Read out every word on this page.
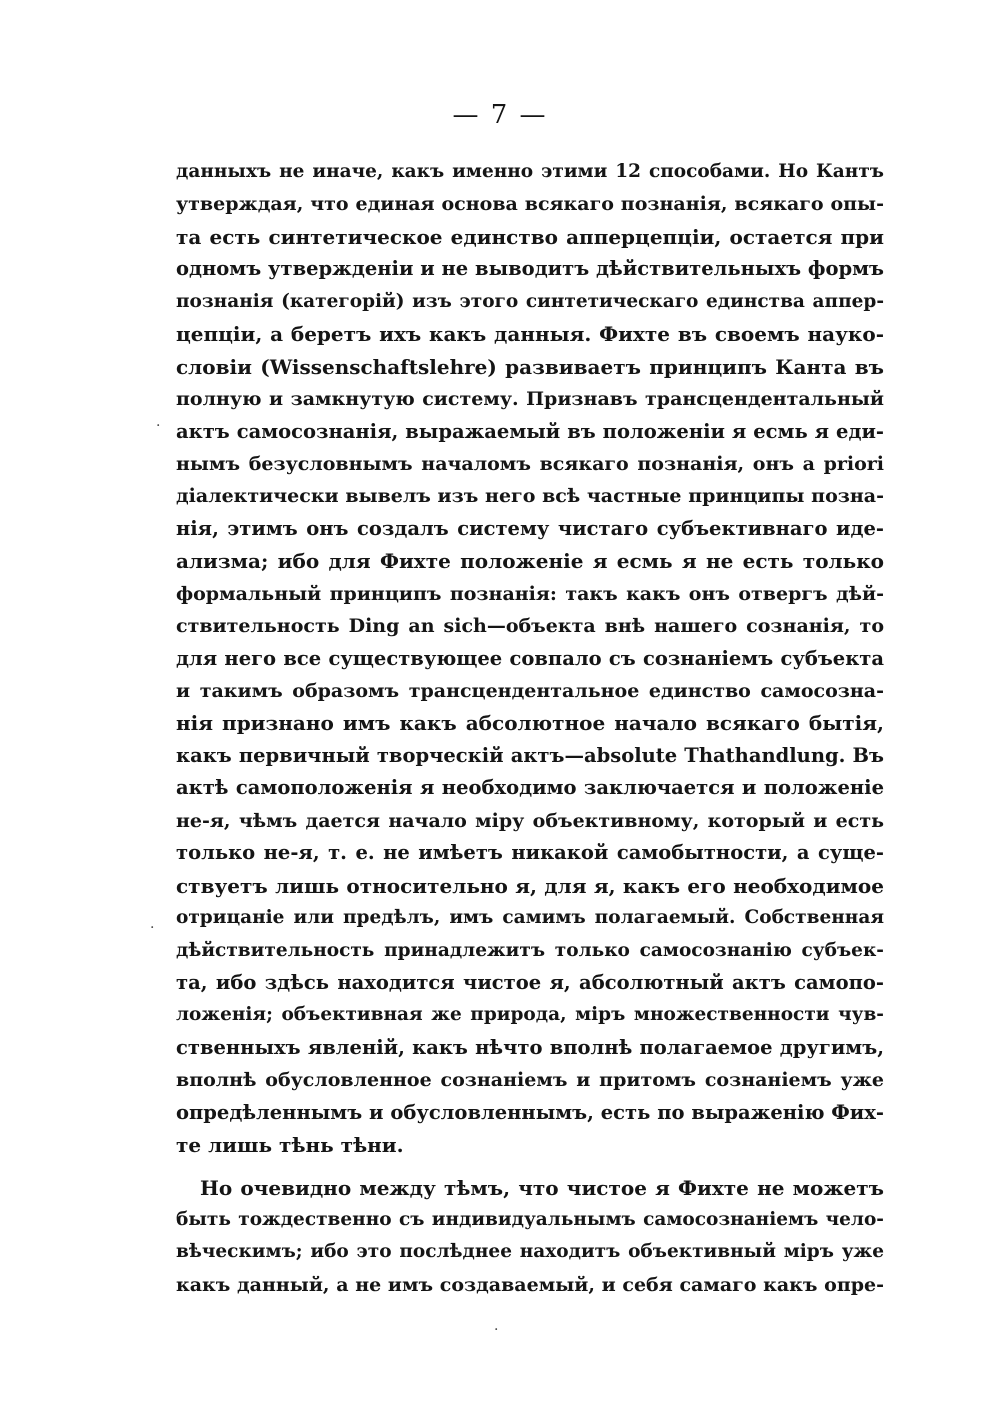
— 7 —
данныхъ не иначе, какъ именно этими 12 способами. Но Кантъ
утверждая, что единая основа всякаго познанія, всякаго опы-
та есть синтетическое единство апперцепціи, остается при
одномъ утвержденіи и не выводитъ дѣйствительныхъ формъ
познанія (категорій) изъ этого синтетическаго единства аппер-
цепціи, а беретъ ихъ какъ данныя. Фихте въ своемъ науко-
словіи (Wissenschaftslehre) развиваетъ принципъ Канта въ
полную и замкнутую систему. Признавъ трансцендентальный
актъ самосознанія, выражаемый въ положеніи я есмь я еди-
нымъ безусловнымъ началомъ всякаго познанія, онъ a priori
діалектически вывелъ изъ него всѣ частные принципы позна-
нія, этимъ онъ создалъ систему чистаго субъективнаго иде-
ализма; ибо для Фихте положеніе я есмь я не есть только
формальный принципъ познанія: такъ какъ онъ отвергъ дѣй-
ствительность Ding an sich—объекта внѣ нашего сознанія, то
для него все существующее совпало съ сознаніемъ субъекта
и такимъ образомъ трансцендентальное единство самосозна-
нія признано имъ какъ абсолютное начало всякаго бытія,
какъ первичный творческій актъ—absolute Thathandlung. Въ
актѣ самоположенія я необходимо заключается и положеніе
не-я, чѣмъ дается начало міру объективному, который и есть
только не-я, т. е. не имѣетъ никакой самобытности, а суще-
ствуетъ лишь относительно я, для я, какъ его необходимое
отрицаніе или предѣлъ, имъ самимъ полагаемый. Собственная
дѣйствительность принадлежитъ только самосознанію субъек-
та, ибо здѣсь находится чистое я, абсолютный актъ самопо-
ложенія; объективная же природа, міръ множественности чув-
ственныхъ явленій, какъ нѣчто вполнѣ полагаемое другимъ,
вполнѣ обусловленное сознаніемъ и притомъ сознаніемъ уже
опредѣленнымъ и обусловленнымъ, есть по выраженію Фих-
те лишь тѣнь тѣни.
Но очевидно между тѣмъ, что чистое я Фихте не можетъ
быть тождественно съ индивидуальнымъ самосознаніемъ чело-
вѣческимъ; ибо это послѣднее находитъ объективный міръ уже
какъ данный, а не имъ создаваемый, и себя самаго какъ опре-
·
·
·
